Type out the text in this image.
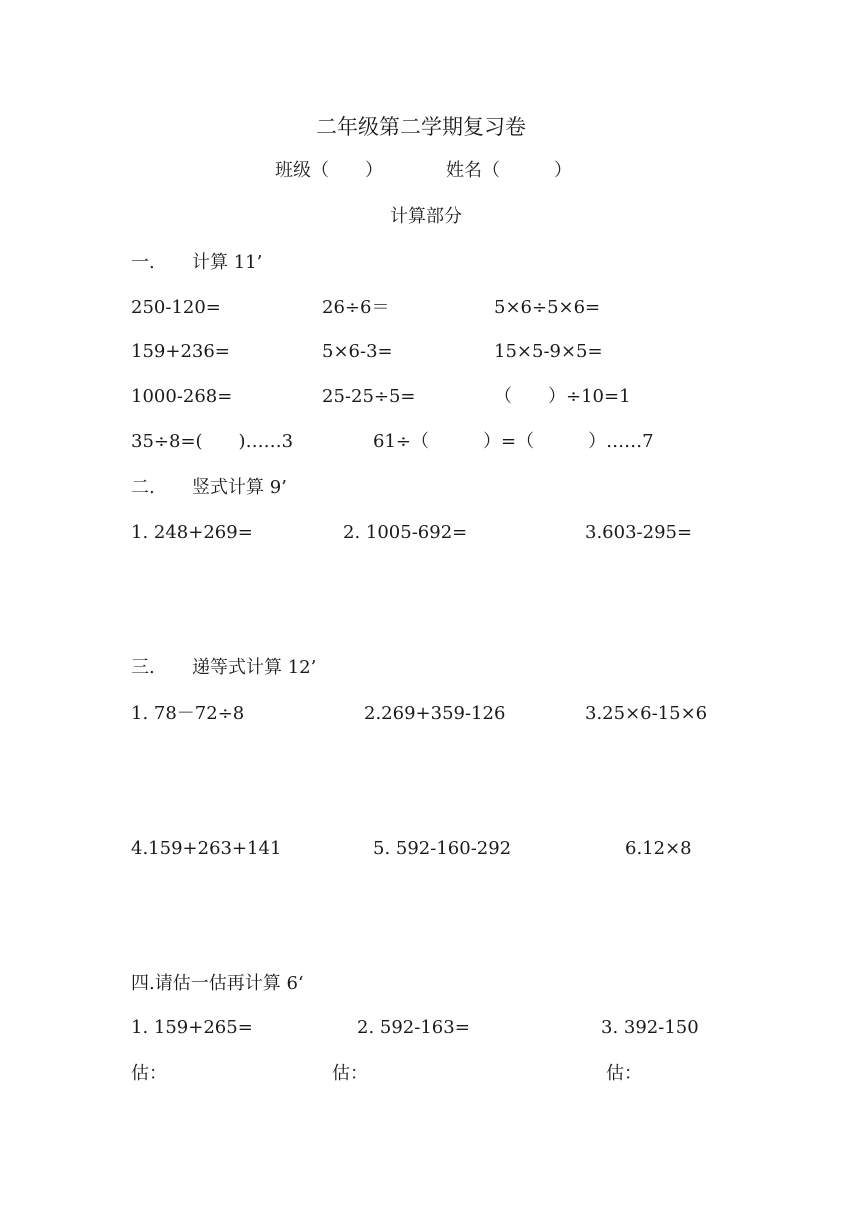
二年级第二学期复习卷
班级（　　）	姓名（　　　）
计算部分
一. 计算 11’
250-120=	26÷6＝	5×6÷5×6=
159+236=	5×6-3=	15×5-9×5=
1000-268=	25-25÷5=	（　　）÷10=1
35÷8=(　　)……3	61÷（　　　）=（　　　）……7
二. 竖式计算 9’
1. 248+269=	2. 1005-692=	3.603-295=
三. 递等式计算 12’
1. 78－72÷8	2.269+359-126	3.25×6-15×6
4.159+263+141	5. 592-160-292	6.12×8
四.请估一估再计算 6‘
1. 159+265=	2. 592-163=	3. 392-150
估：	估：	估：
